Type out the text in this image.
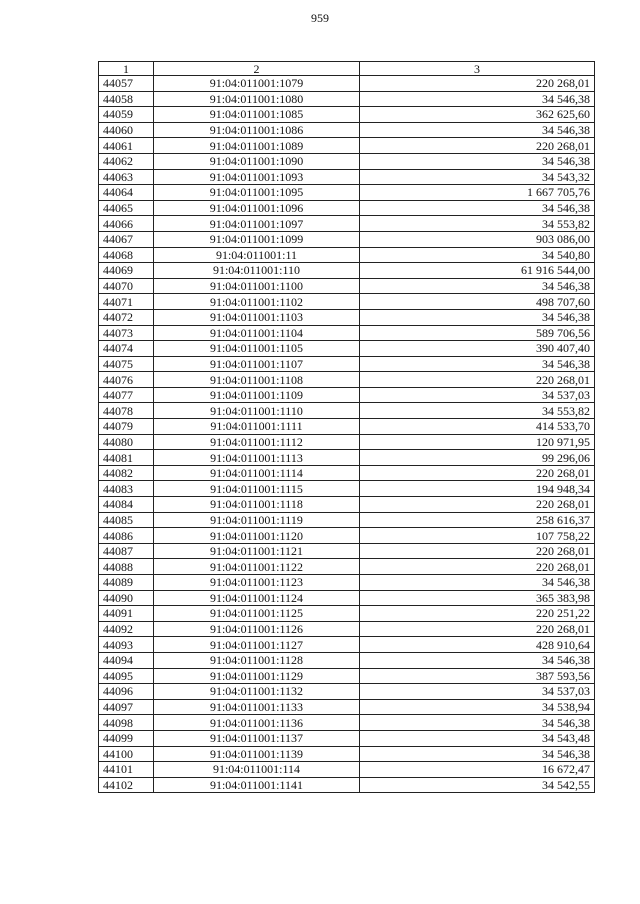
959
1	2	3
44057	91:04:011001:1079	220 268,01
44058	91:04:011001:1080	34 546,38
44059	91:04:011001:1085	362 625,60
44060	91:04:011001:1086	34 546,38
44061	91:04:011001:1089	220 268,01
44062	91:04:011001:1090	34 546,38
44063	91:04:011001:1093	34 543,32
44064	91:04:011001:1095	1 667 705,76
44065	91:04:011001:1096	34 546,38
44066	91:04:011001:1097	34 553,82
44067	91:04:011001:1099	903 086,00
44068	91:04:011001:11	34 540,80
44069	91:04:011001:110	61 916 544,00
44070	91:04:011001:1100	34 546,38
44071	91:04:011001:1102	498 707,60
44072	91:04:011001:1103	34 546,38
44073	91:04:011001:1104	589 706,56
44074	91:04:011001:1105	390 407,40
44075	91:04:011001:1107	34 546,38
44076	91:04:011001:1108	220 268,01
44077	91:04:011001:1109	34 537,03
44078	91:04:011001:1110	34 553,82
44079	91:04:011001:1111	414 533,70
44080	91:04:011001:1112	120 971,95
44081	91:04:011001:1113	99 296,06
44082	91:04:011001:1114	220 268,01
44083	91:04:011001:1115	194 948,34
44084	91:04:011001:1118	220 268,01
44085	91:04:011001:1119	258 616,37
44086	91:04:011001:1120	107 758,22
44087	91:04:011001:1121	220 268,01
44088	91:04:011001:1122	220 268,01
44089	91:04:011001:1123	34 546,38
44090	91:04:011001:1124	365 383,98
44091	91:04:011001:1125	220 251,22
44092	91:04:011001:1126	220 268,01
44093	91:04:011001:1127	428 910,64
44094	91:04:011001:1128	34 546,38
44095	91:04:011001:1129	387 593,56
44096	91:04:011001:1132	34 537,03
44097	91:04:011001:1133	34 538,94
44098	91:04:011001:1136	34 546,38
44099	91:04:011001:1137	34 543,48
44100	91:04:011001:1139	34 546,38
44101	91:04:011001:114	16 672,47
44102	91:04:011001:1141	34 542,55
